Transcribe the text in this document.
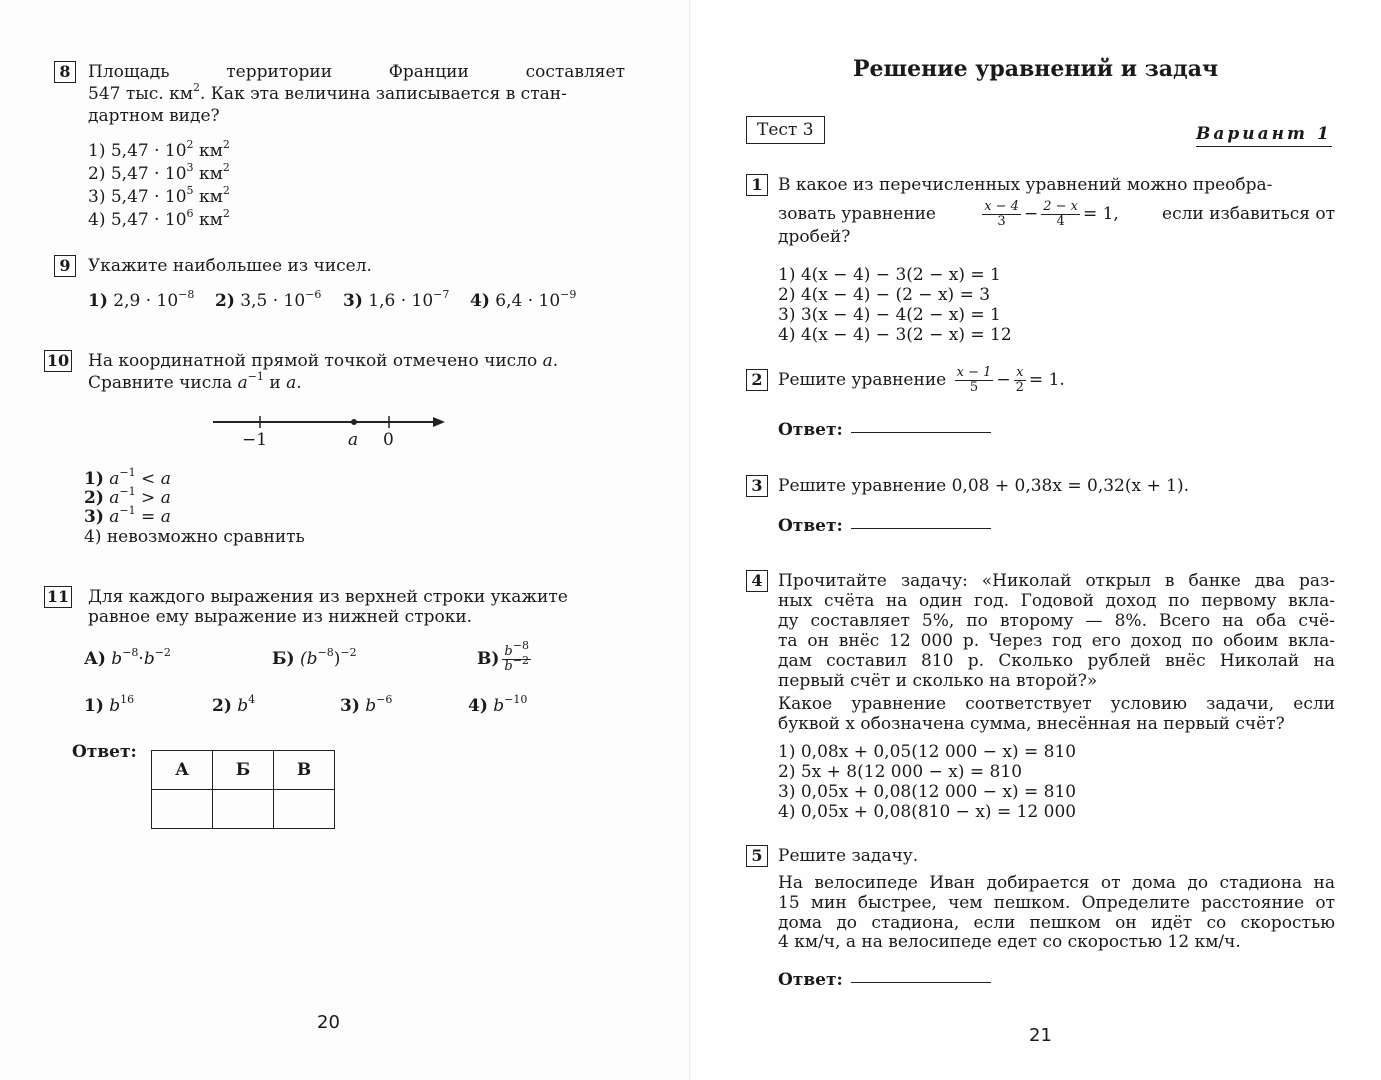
8	Площадь	территории	Франции	составляет
547 тыс. $км^2$. Как эта величина записывается в стан-
дартном виде?
1) $5,47 \cdot 10^2$ $км^2$
2) $5,47 \cdot 10^3$ $км^2$
3) $5,47 \cdot 10^5$ $км^2$
4) $5,47 \cdot 10^6$ $км^2$
9	Укажите наибольшее из чисел.
1) $2,9 \cdot 10^{-8}$ 2) $3,5 \cdot 10^{-6}$ 3) $1,6 \cdot 10^{-7}$ 4) $6,4 \cdot 10^{-9}$
10 На координатной прямой точкой отмечено число a.
Сравните числа $a^{-1}$ и a.
−1	a 0
1) $a^{-1} < a$
2) $a^{-1} > a$
3) $a^{-1} = a$
4) невозможно сравнить
11 Для каждого выражения из верхней строки укажите
равное ему выражение из нижней строки.
А) $b^{-8}\cdot b^{-2}$	Б) $(b^{-8})^{-2}$	$В) \frac{b^{-8}}{b^{-2}}$
1) $b^{16}$	2) $b^4$	3) $b^{-6}$	4) $b^{-10}$
Ответ:
А	Б	В

20
Решение уравнений и задач
Тест 3	Вариант 1
1 В какое из перечисленных уравнений можно преобра-
зовать уравнение	$\frac{x - 4}{3} - \frac{2 - x}{4} = 1$,	если избавиться от
дробей?
1) 4(x − 4) − 3(2 − x) = 1
2) 4(x − 4) − (2 − x) = 3
3) 3(x − 4) − 4(2 − x) = 1
4) 4(x − 4) − 3(2 − x) = 12
2 Решите уравнение $\frac{x - 1}{5} - \frac{x}{2} = 1$.
Ответ:
3 Решите уравнение 0,08 + 0,38x = 0,32(x + 1).
Ответ:
4 Прочитайте задачу: «Николай открыл в банке два раз-
ных счёта на один год. Годовой доход по первому вкла-
ду составляет 5%, по второму — 8%. Всего на оба счё-
та он внёс 12 000 р. Через год его доход по обоим вкла-
дам составил 810 р. Сколько рублей внёс Николай на
первый счёт и сколько на второй?»
Какое уравнение соответствует условию задачи, если
буквой x обозначена сумма, внесённая на первый счёт?
1) 0,08x + 0,05(12 000 − x) = 810
2) 5x + 8(12 000 − x) = 810
3) 0,05x + 0,08(12 000 − x) = 810
4) 0,05x + 0,08(810 − x) = 12 000
5 Решите задачу.
На велосипеде Иван добирается от дома до стадиона на
15 мин быстрее, чем пешком. Определите расстояние от
дома до стадиона, если пешком он идёт со скоростью
4 км/ч, а на велосипеде едет со скоростью 12 км/ч.
Ответ:
21
